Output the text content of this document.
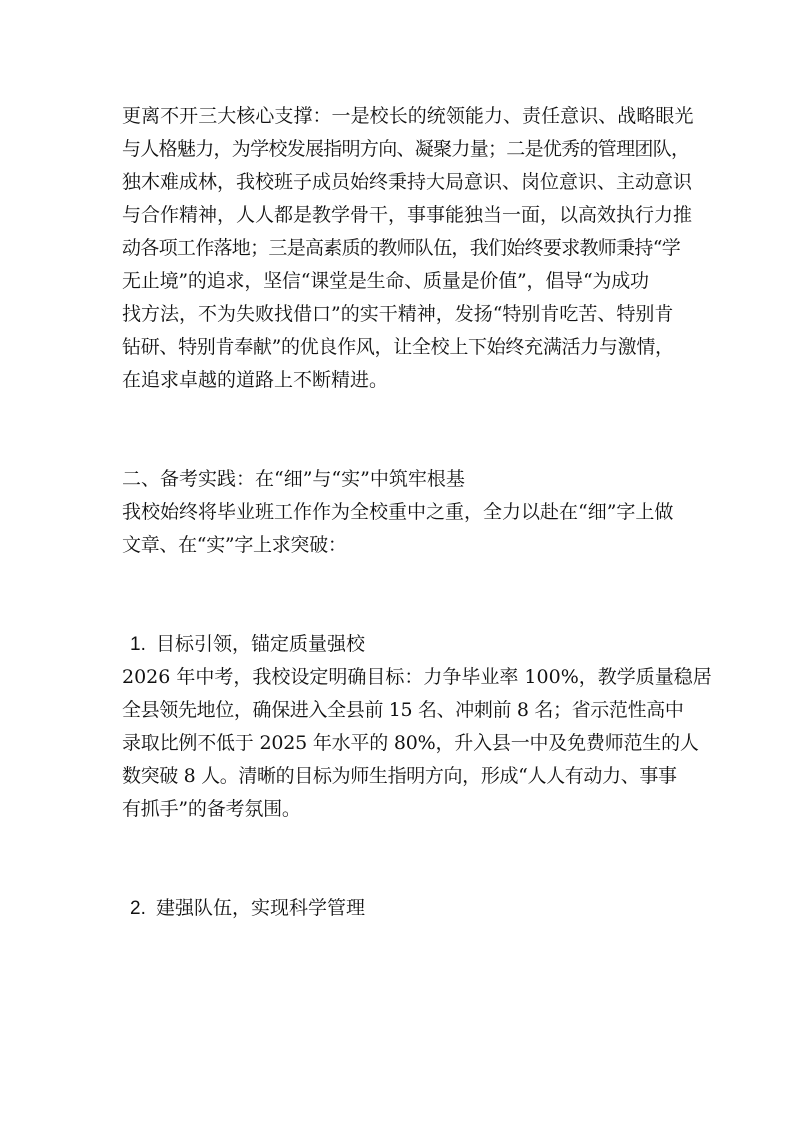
更离不开三大核心支撑：一是校长的统领能力、责任意识、战略眼光
与人格魅力，为学校发展指明方向、凝聚力量；二是优秀的管理团队，
独木难成林，我校班子成员始终秉持大局意识、岗位意识、主动意识
与合作精神，人人都是教学骨干，事事能独当一面，以高效执行力推
动各项工作落地；三是高素质的教师队伍，我们始终要求教师秉持“学
无止境”的追求，坚信“课堂是生命、质量是价值”，倡导“为成功
找方法，不为失败找借口”的实干精神，发扬“特别肯吃苦、特别肯
钻研、特别肯奉献”的优良作风，让全校上下始终充满活力与激情，
在追求卓越的道路上不断精进。
二、备考实践：在“细”与“实”中筑牢根基
我校始终将毕业班工作作为全校重中之重，全力以赴在“细”字上做
文章、在“实”字上求突破：
1. 目标引领，锚定质量强校
2026 年中考，我校设定明确目标：力争毕业率 100%，教学质量稳居
全县领先地位，确保进入全县前 15 名、冲刺前 8 名；省示范性高中
录取比例不低于 2025 年水平的 80%，升入县一中及免费师范生的人
数突破 8 人。清晰的目标为师生指明方向，形成“人人有动力、事事
有抓手”的备考氛围。
2. 建强队伍，实现科学管理
